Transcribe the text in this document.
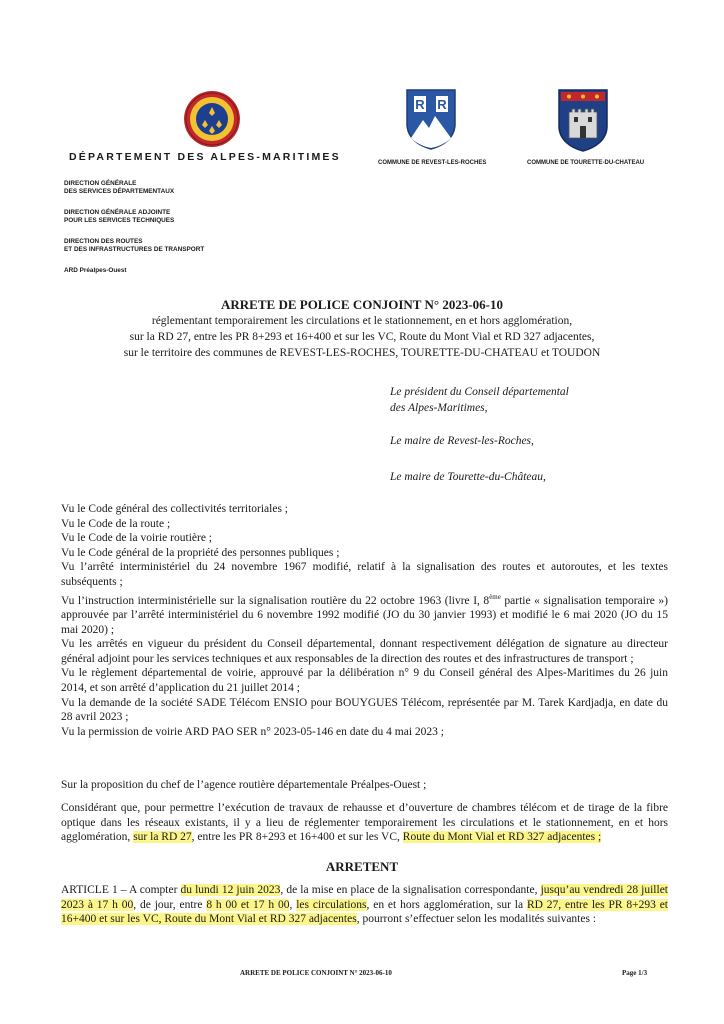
R R
DÉPARTEMENT DES ALPES-MARITIMES	COMMUNE DE REVEST-LES-ROCHES	COMMUNE DE TOURETTE-DU-CHATEAU
DIRECTION GÉNÉRALE
DES SERVICES DÉPARTEMENTAUX
DIRECTION GÉNÉRALE ADJOINTE
POUR LES SERVICES TECHNIQUES
DIRECTION DES ROUTES
ET DES INFRASTRUCTURES DE TRANSPORT
ARD Préalpes-Ouest
ARRETE DE POLICE CONJOINT N° 2023-06-10
réglementant temporairement les circulations et le stationnement, en et hors agglomération,
sur la RD 27, entre les PR 8+293 et 16+400 et sur les VC, Route du Mont Vial et RD 327 adjacentes,
sur le territoire des communes de REVEST-LES-ROCHES, TOURETTE-DU-CHATEAU et TOUDON
Le président du Conseil départemental
des Alpes-Maritimes,
Le maire de Revest-les-Roches,
Le maire de Tourette-du-Château,

Vu le Code général des collectivités territoriales ;

Vu le Code de la route ;

Vu le Code de la voirie routière ;

Vu le Code général de la propriété des personnes publiques ;

Vu l’arrêté interministériel du 24 novembre 1967 modifié, relatif à la signalisation des routes et autoroutes, et les textes subséquents ;

Vu l’instruction interministérielle sur la signalisation routière du 22 octobre 1963 (livre I, 8ème partie « signalisation temporaire ») approuvée par l’arrêté interministériel du 6 novembre 1992 modifié (JO du 30 janvier 1993) et modifié le 6 mai 2020 (JO du 15 mai 2020) ;

Vu les arrêtés en vigueur du président du Conseil départemental, donnant respectivement délégation de signature au directeur général adjoint pour les services techniques et aux responsables de la direction des routes et des infrastructures de transport ;

Vu le règlement départemental de voirie, approuvé par la délibération n° 9 du Conseil général des Alpes-Maritimes du 26 juin 2014, et son arrêté d’application du 21 juillet 2014 ;

Vu la demande de la société SADE Télécom ENSIO pour BOUYGUES Télécom, représentée par M. Tarek Kardjadja, en date du 28 avril 2023 ;

Vu la permission de voirie ARD PAO SER n° 2023-05-146 en date du 4 mai 2023 ;

Sur la proposition du chef de l’agence routière départementale Préalpes-Ouest ;
Considérant que, pour permettre l’exécution de travaux de rehausse et d’ouverture de chambres télécom et de tirage de la fibre optique dans les réseaux existants, il y a lieu de réglementer temporairement les circulations et le stationnement, en et hors agglomération, sur la RD 27, entre les PR 8+293 et 16+400 et sur les VC, Route du Mont Vial et RD 327 adjacentes ;
ARRETENT
ARTICLE 1 – A compter du lundi 12 juin 2023, de la mise en place de la signalisation correspondante, jusqu’au vendredi 28 juillet 2023 à 17 h 00, de jour, entre 8 h 00 et 17 h 00, les circulations, en et hors agglomération, sur la RD 27, entre les PR 8+293 et 16+400 et sur les VC, Route du Mont Vial et RD 327 adjacentes, pourront s’effectuer selon les modalités suivantes :
ARRETE DE POLICE CONJOINT N° 2023-06-10	Page 1/3
